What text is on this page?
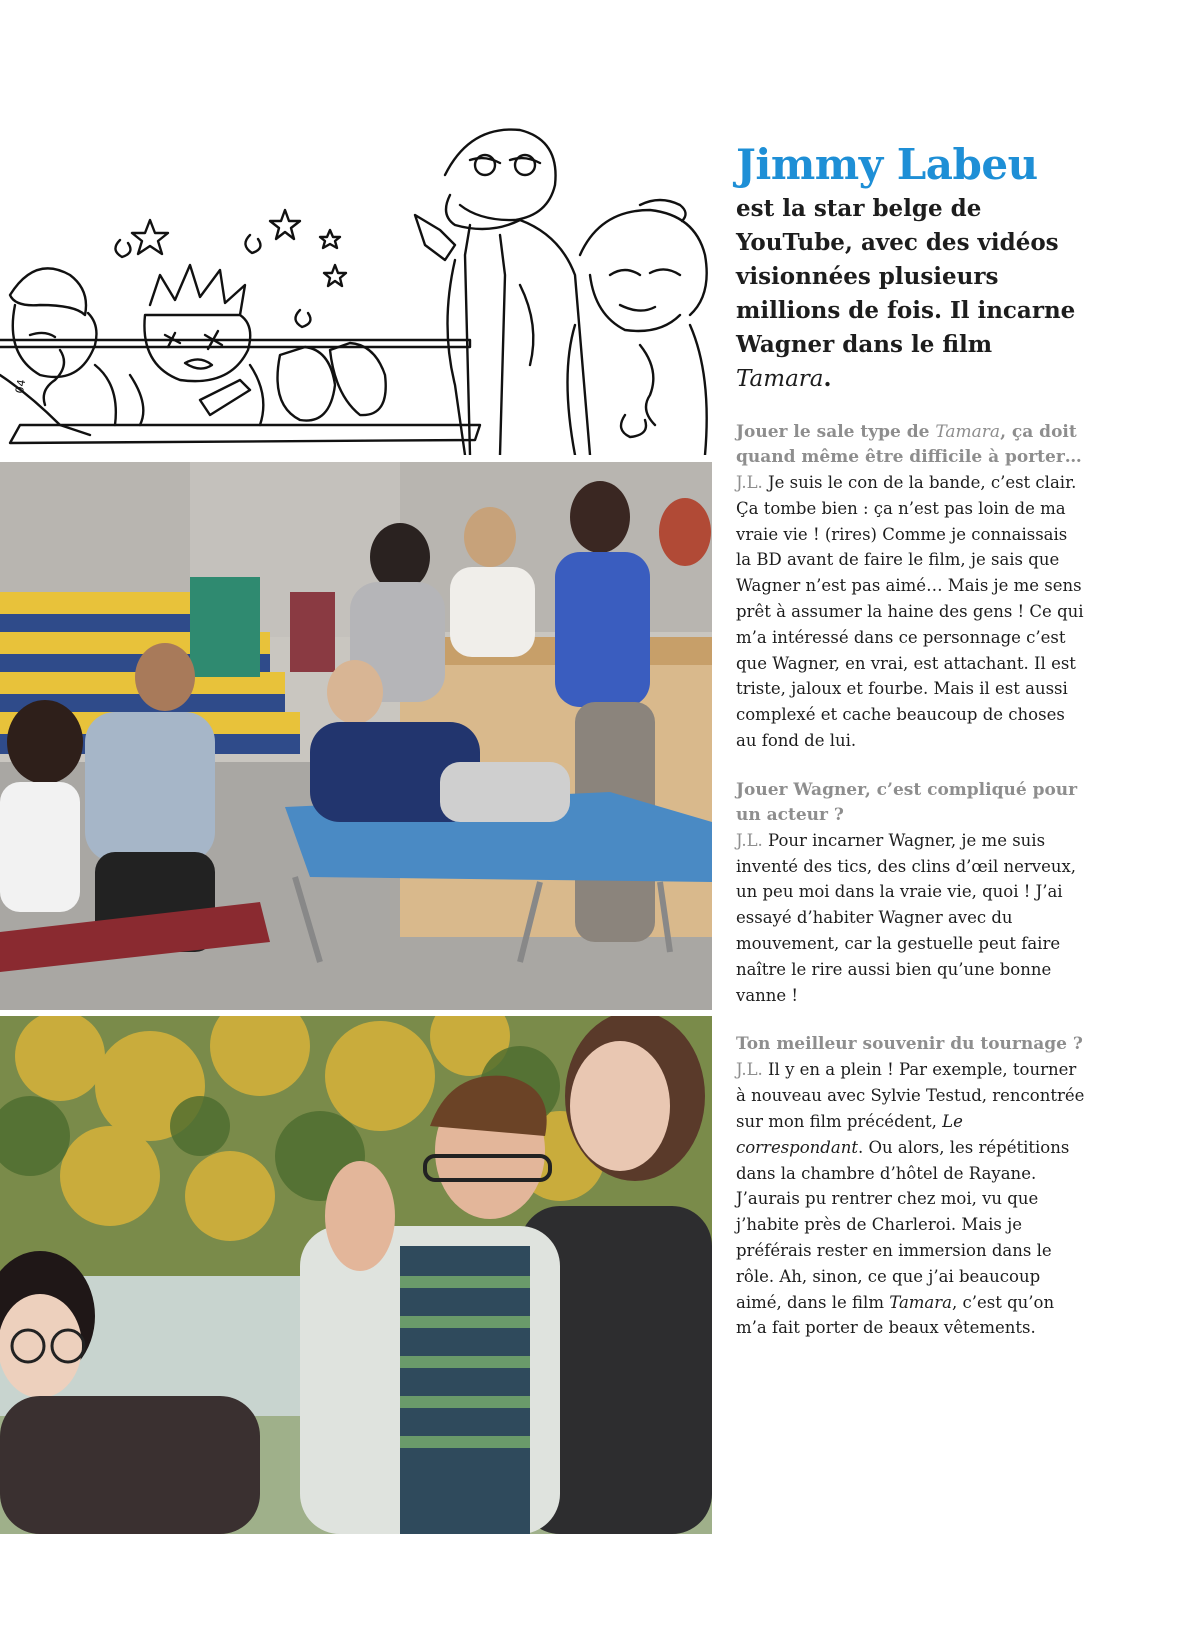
04
Jimmy Labeu

est la star belge de YouTube, avec des vidéos visionnées plusieurs millions de fois. Il incarne Wagner dans le film Tamara.

Jouer le sale type de Tamara, ça doit quand même être difficile à porter…

J.L. Je suis le con de la bande, c’est clair. Ça tombe bien : ça n’est pas loin de ma vraie vie ! (rires) Comme je connaissais la BD avant de faire le film, je sais que Wagner n’est pas aimé… Mais je me sens prêt à assumer la haine des gens ! Ce qui m’a intéressé dans ce personnage c’est que Wagner, en vrai, est attachant. Il est triste, jaloux et fourbe. Mais il est aussi complexé et cache beaucoup de choses au fond de lui.

Jouer Wagner, c’est compliqué pour un acteur ?

J.L. Pour incarner Wagner, je me suis inventé des tics, des clins d’œil nerveux, un peu moi dans la vraie vie, quoi ! J’ai essayé d’habiter Wagner avec du mouvement, car la gestuelle peut faire naître le rire aussi bien qu’une bonne vanne !

Ton meilleur souvenir du tournage ?

J.L. Il y en a plein ! Par exemple, tourner à nouveau avec Sylvie Testud, rencontrée sur mon film précédent, Le correspondant. Ou alors, les répétitions dans la chambre d’hôtel de Rayane. J’aurais pu rentrer chez moi, vu que j’habite près de Charleroi. Mais je préférais rester en immersion dans le rôle. Ah, sinon, ce que j’ai beaucoup aimé, dans le film Tamara, c’est qu’on m’a fait porter de beaux vêtements.
